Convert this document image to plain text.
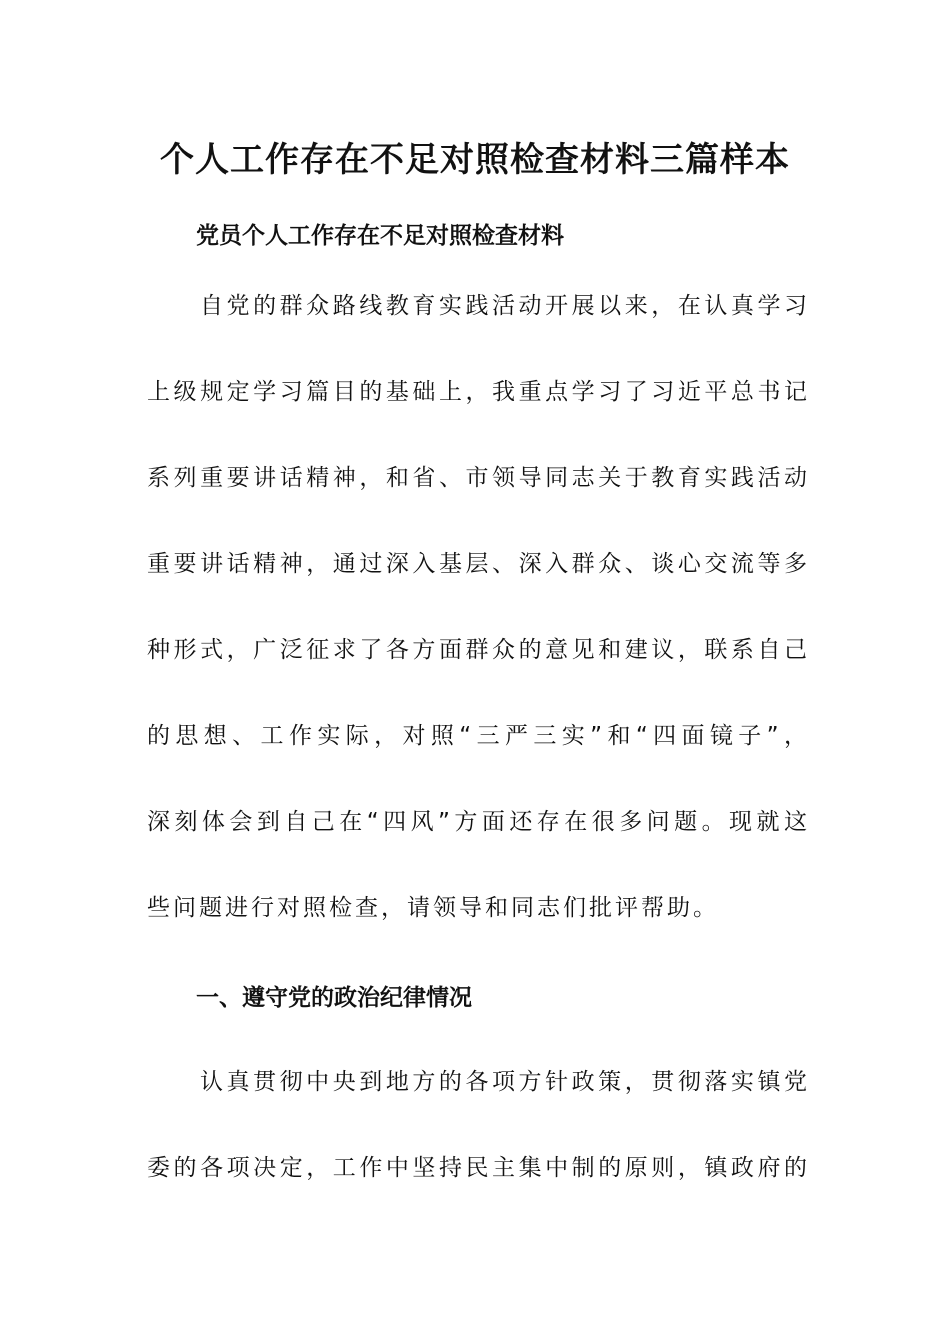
个人工作存在不足对照检查材料三篇样本
党员个人工作存在不足对照检查材料

自党的群众路线教育实践活动开展以来，在认真学习

上级规定学习篇目的基础上，我重点学习了习近平总书记

系列重要讲话精神，和省、市领导同志关于教育实践活动

重要讲话精神，通过深入基层、深入群众、谈心交流等多

种形式，广泛征求了各方面群众的意见和建议，联系自己

的思想、工作实际，对照“三严三实”和“四面镜子”，

深刻体会到自己在“四风”方面还存在很多问题。现就这

些问题进行对照检查，请领导和同志们批评帮助。

一、遵守党的政治纪律情况

认真贯彻中央到地方的各项方针政策，贯彻落实镇党

委的各项决定，工作中坚持民主集中制的原则，镇政府的
